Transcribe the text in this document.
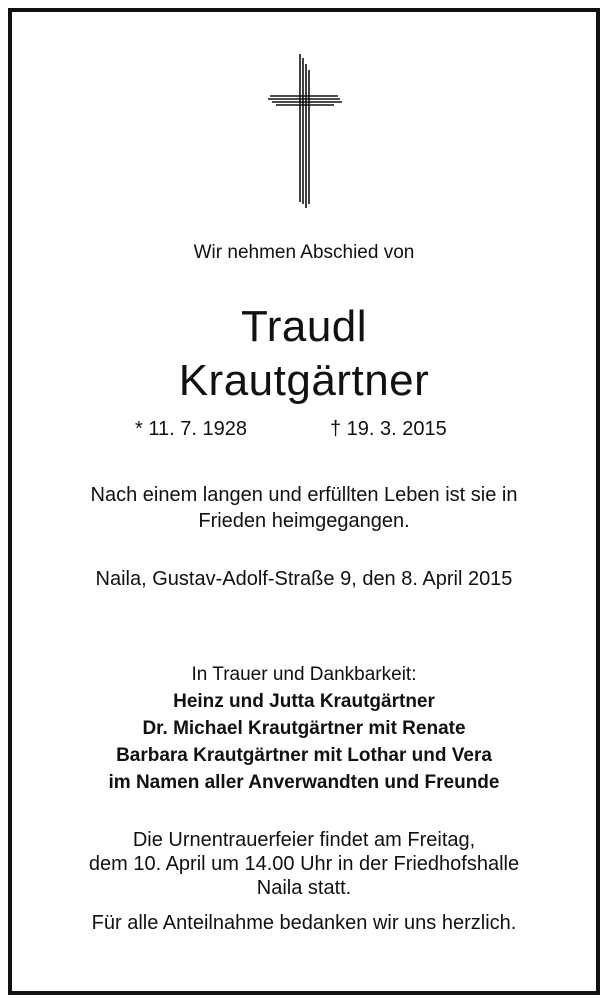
Wir nehmen Abschied von
Traudl
Krautgärtner
* 11. 7. 1928	† 19. 3. 2015
Nach einem langen und erfüllten Leben ist sie in
Frieden heimgegangen.
Naila, Gustav-Adolf-Straße 9, den 8. April 2015
In Trauer und Dankbarkeit:
Heinz und Jutta Krautgärtner
Dr. Michael Krautgärtner mit Renate
Barbara Krautgärtner mit Lothar und Vera
im Namen aller Anverwandten und Freunde
Die Urnentrauerfeier findet am Freitag,
dem 10. April um 14.00 Uhr in der Friedhofshalle
Naila statt.
Für alle Anteilnahme bedanken wir uns herzlich.
